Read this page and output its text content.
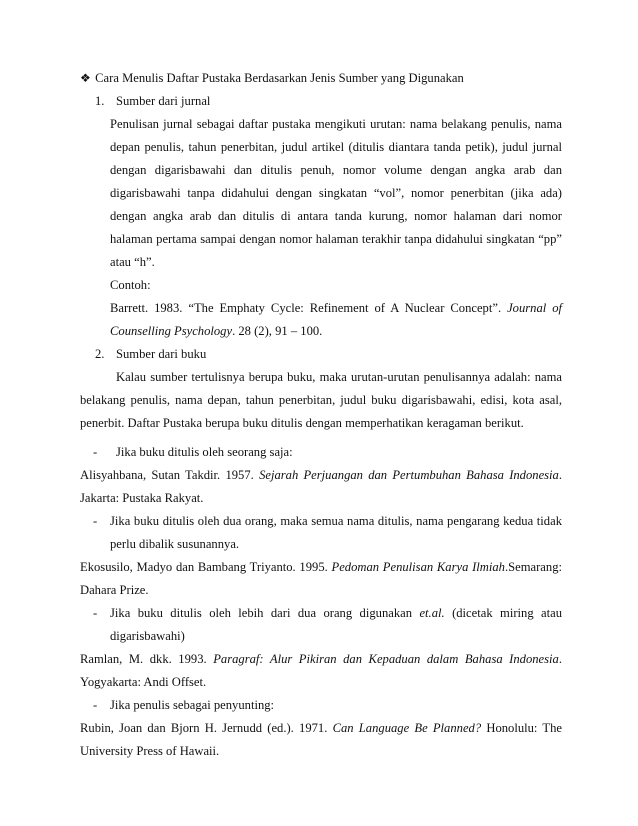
❖ Cara Menulis Daftar Pustaka Berdasarkan Jenis Sumber yang Digunakan
1. Sumber dari jurnal
Penulisan jurnal sebagai daftar pustaka mengikuti urutan: nama belakang penulis, nama
depan penulis, tahun penerbitan, judul artikel (ditulis diantara tanda petik), judul jurnal
dengan digarisbawahi dan ditulis penuh, nomor volume dengan angka arab dan
digarisbawahi tanpa didahului dengan singkatan “vol”, nomor penerbitan (jika ada)
dengan angka arab dan ditulis di antara tanda kurung, nomor halaman dari nomor
halaman pertama sampai dengan nomor halaman terakhir tanpa didahului singkatan “pp”
atau “h”.
Contoh:
Barrett. 1983. “The Emphaty Cycle: Refinement of A Nuclear Concept”. Journal of
Counselling Psychology. 28 (2), 91 – 100.
2. Sumber dari buku
Kalau sumber tertulisnya berupa buku, maka urutan-urutan penulisannya adalah: nama
belakang penulis, nama depan, tahun penerbitan, judul buku digarisbawahi, edisi, kota asal,
penerbit. Daftar Pustaka berupa buku ditulis dengan memperhatikan keragaman berikut.
- Jika buku ditulis oleh seorang saja:
Alisyahbana, Sutan Takdir. 1957. Sejarah Perjuangan dan Pertumbuhan Bahasa Indonesia.
Jakarta: Pustaka Rakyat.
- Jika buku ditulis oleh dua orang, maka semua nama ditulis, nama pengarang kedua tidak
perlu dibalik susunannya.
Ekosusilo, Madyo dan Bambang Triyanto. 1995. Pedoman Penulisan Karya Ilmiah.Semarang:
Dahara Prize.
- Jika buku ditulis oleh lebih dari dua orang digunakan et.al. (dicetak miring atau
digarisbawahi)
Ramlan, M. dkk. 1993. Paragraf: Alur Pikiran dan Kepaduan dalam Bahasa Indonesia.
Yogyakarta: Andi Offset.
- Jika penulis sebagai penyunting:
Rubin, Joan dan Bjorn H. Jernudd (ed.). 1971. Can Language Be Planned? Honolulu: The
University Press of Hawaii.
